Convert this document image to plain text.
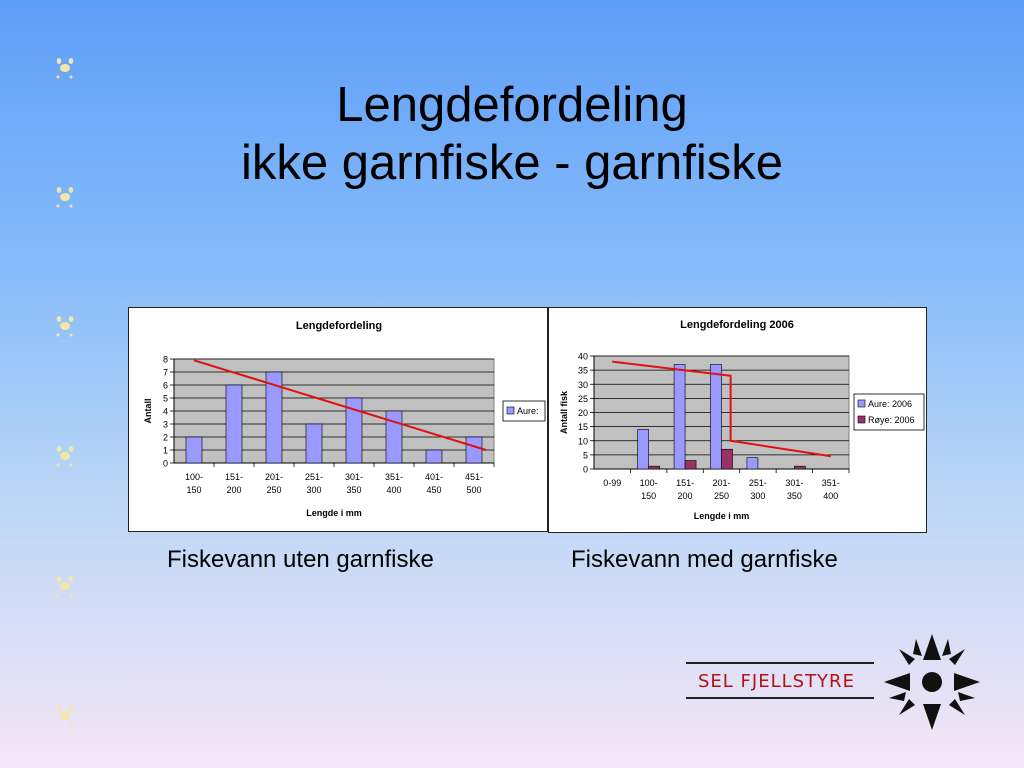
Lengdefordeling
ikke garnfiske - garnfiske
Lengdefordeling
0
1
2
3
4
5
6
7
8
100-
150
151-
200
201-
250
251-
300
301-
350
351-
400
401-
450
451-
500
Lengde i mm
Antall	Aure:
Lengdefordeling 2006
0
5
10
15
20
25
30
35
40
0-99 100-
150
151-
200
201-
250
251-
300
301-
350
351-
400
Lengde i mm
Antall fisk	Aure: 2006
Røye: 2006
Fiskevann uten garnfiske	Fiskevann med garnfiske
SEL FJELLSTYRE
